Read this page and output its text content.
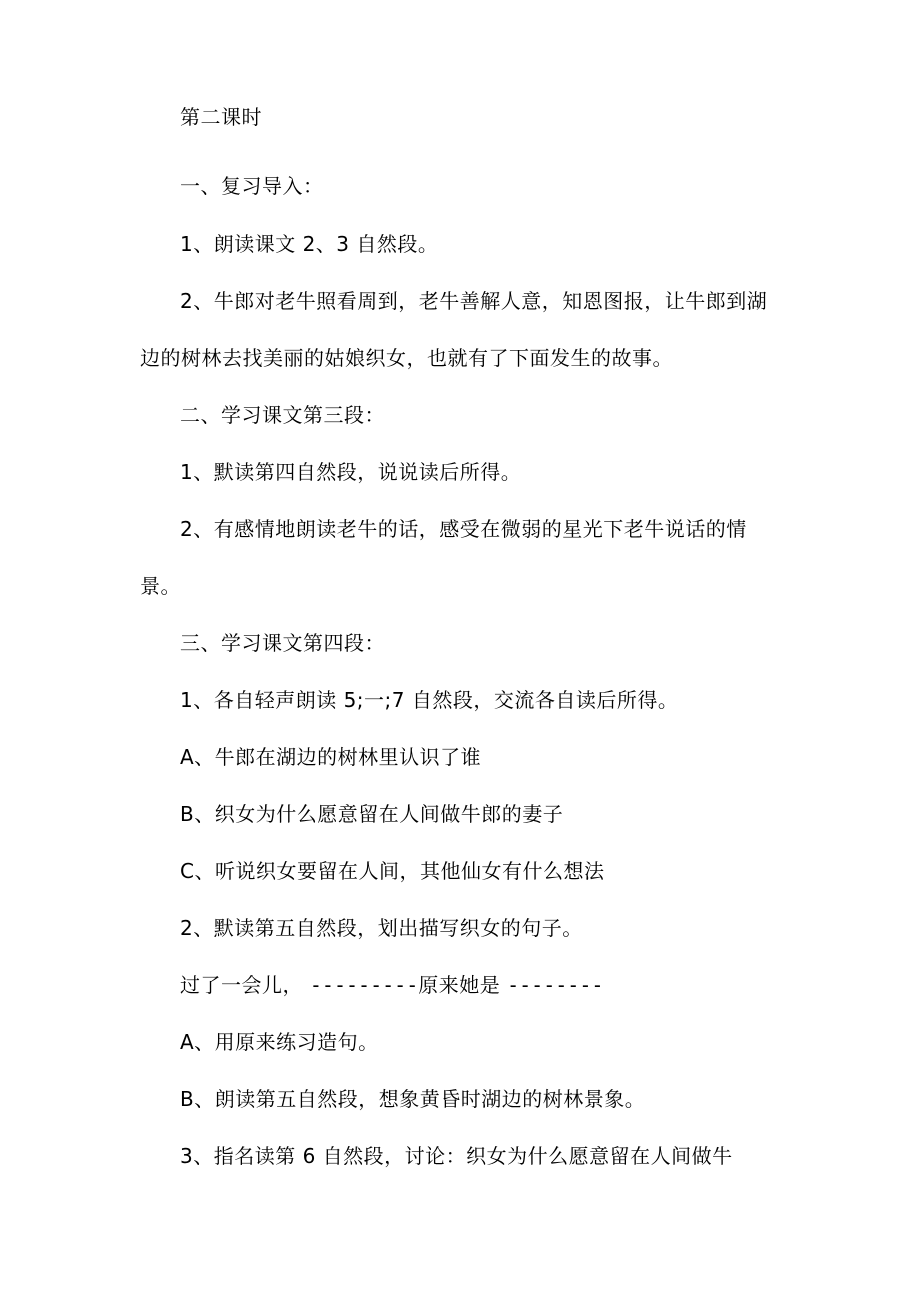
第二课时

一、复习导入：

1、朗读课文 2、3 自然段。

2、牛郎对老牛照看周到，老牛善解人意，知恩图报，让牛郎到湖

边的树林去找美丽的姑娘织女，也就有了下面发生的故事。

二、学习课文第三段：

1、默读第四自然段，说说读后所得。

2、有感情地朗读老牛的话，感受在微弱的星光下老牛说话的情

景。

三、学习课文第四段：

1、各自轻声朗读 5;一;7 自然段，交流各自读后所得。

A、牛郎在湖边的树林里认识了谁

B、织女为什么愿意留在人间做牛郎的妻子

C、听说织女要留在人间，其他仙女有什么想法

2、默读第五自然段，划出描写织女的句子。

过了一会儿， ---------原来她是 --------

A、用原来练习造句。

B、朗读第五自然段，想象黄昏时湖边的树林景象。

3、指名读第 6 自然段，讨论：织女为什么愿意留在人间做牛
